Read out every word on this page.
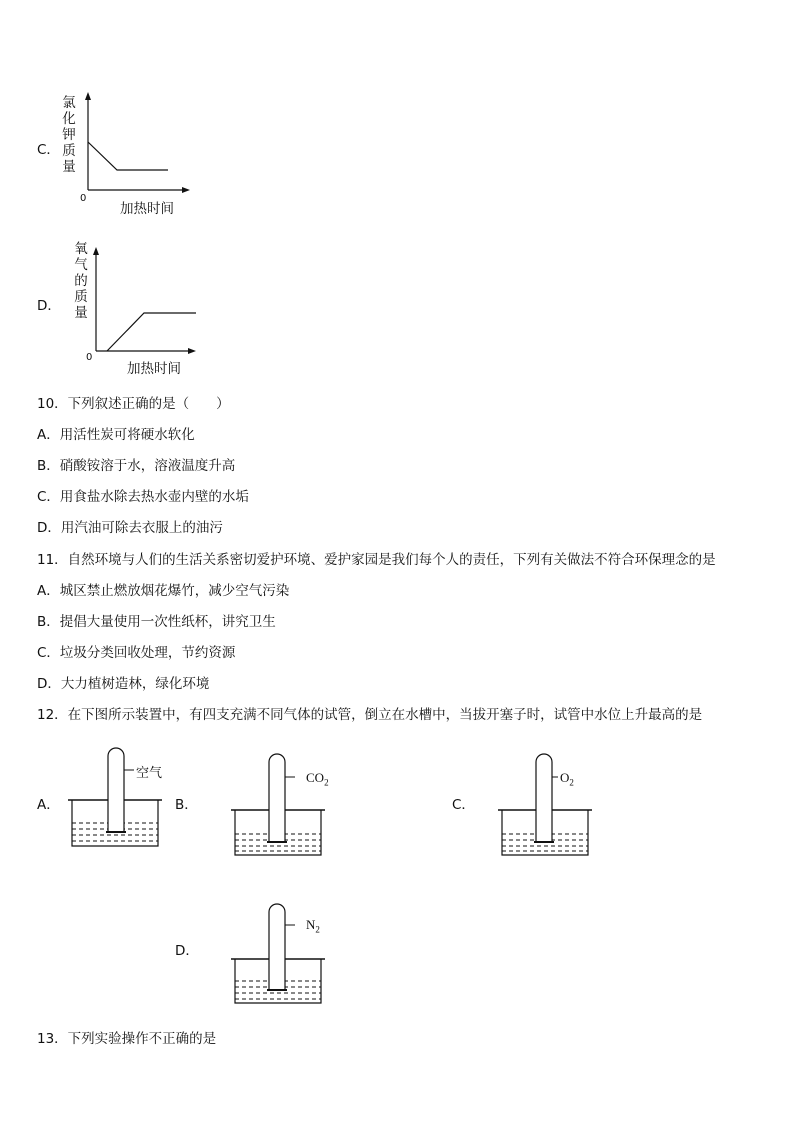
C．
氯
化
钾
质
量
0
加热时间
D．
氧
气
的
质
量
0
加热时间
10．下列叙述正确的是（　　）
A．用活性炭可将硬水软化
B．硝酸铵溶于水，溶液温度升高
C．用食盐水除去热水壶内壁的水垢
D．用汽油可除去衣服上的油污
11．自然环境与人们的生活关系密切爱护环境、爱护家园是我们每个人的责任，下列有关做法不符合环保理念的是
A．城区禁止燃放烟花爆竹，减少空气污染
B．提倡大量使用一次性纸杯，讲究卫生
C．垃圾分类回收处理，节约资源
D．大力植树造林，绿化环境
12．在下图所示装置中，有四支充满不同气体的试管，倒立在水槽中，当拔开塞子时，试管中水位上升最高的是
A．
空气
B．
$CO_2$
C．
$O_2$
D．
$N_2$
13．下列实验操作不正确的是
